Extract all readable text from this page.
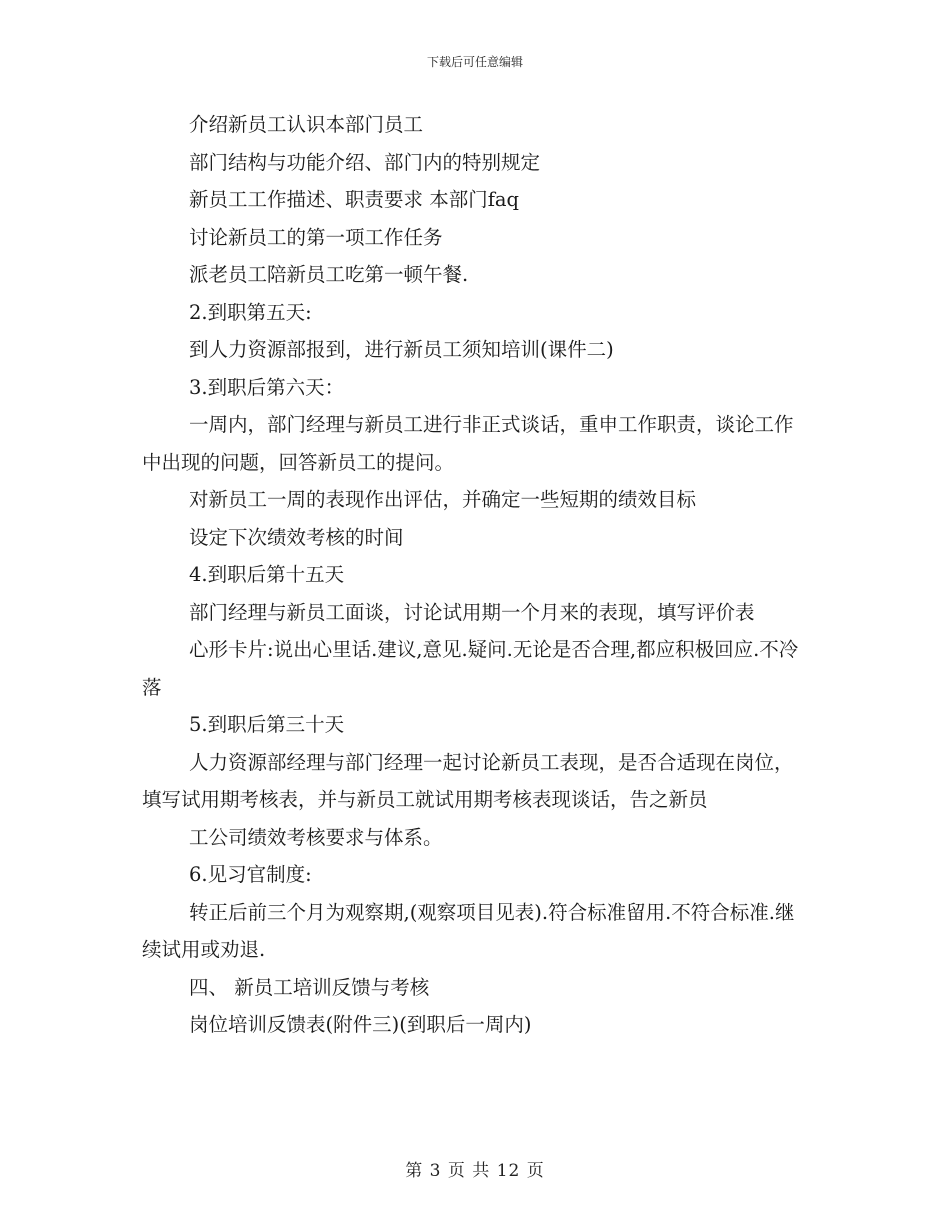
下载后可任意编辑

介绍新员工认识本部门员工

部门结构与功能介绍、部门内的特别规定

新员工工作描述、职责要求 本部门faq

讨论新员工的第一项工作任务

派老员工陪新员工吃第一顿午餐.

2.到职第五天:

到人力资源部报到，进行新员工须知培训(课件二)

3.到职后第六天：

一周内，部门经理与新员工进行非正式谈话，重申工作职责，谈论工作中出现的问题，回答新员工的提问。

对新员工一周的表现作出评估，并确定一些短期的绩效目标

设定下次绩效考核的时间

4.到职后第十五天

部门经理与新员工面谈，讨论试用期一个月来的表现，填写评价表

心形卡片:说出心里话.建议,意见.疑问.无论是否合理,都应积极回应.不冷落

5.到职后第三十天

人力资源部经理与部门经理一起讨论新员工表现，是否合适现在岗位，填写试用期考核表，并与新员工就试用期考核表现谈话，告之新员

工公司绩效考核要求与体系。

6.见习官制度:

转正后前三个月为观察期,(观察项目见表).符合标准留用.不符合标准.继续试用或劝退.

四、 新员工培训反馈与考核

岗位培训反馈表(附件三)(到职后一周内)

第 3 页 共 12 页
